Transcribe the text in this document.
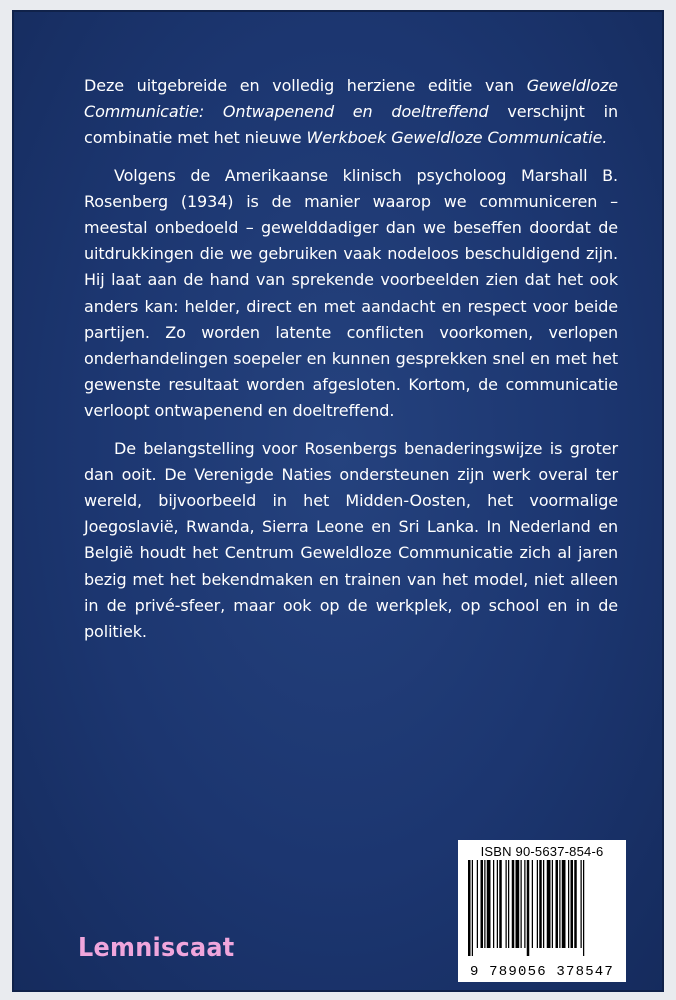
Deze uitgebreide en volledig herziene editie van Geweldloze Communicatie: Ontwapenend en doeltreffend verschijnt in combinatie met het nieuwe Werkboek Geweldloze Communicatie.

Volgens de Amerikaanse klinisch psycholoog Marshall B. Rosenberg (1934) is de manier waarop we communiceren – meestal onbedoeld – gewelddadiger dan we beseffen doordat de uitdrukkingen die we gebruiken vaak nodeloos beschuldigend zijn. Hij laat aan de hand van sprekende voorbeelden zien dat het ook anders kan: helder, direct en met aandacht en respect voor beide partijen. Zo worden latente conflicten voorkomen, verlopen onderhandelingen soepeler en kunnen gesprekken snel en met het gewenste resultaat worden afgesloten. Kortom, de communicatie verloopt ontwapenend en doeltreffend.

De belangstelling voor Rosenbergs benaderingswijze is groter dan ooit. De Verenigde Naties ondersteunen zijn werk overal ter wereld, bijvoorbeeld in het Midden-Oosten, het voormalige Joegoslavië, Rwanda, Sierra Leone en Sri Lanka. In Nederland en België houdt het Centrum Geweldloze Communicatie zich al jaren bezig met het bekendmaken en trainen van het model, niet alleen in de privé-sfeer, maar ook op de werkplek, op school en in de politiek.

ISBN 90-5637-854-6
9 789056 378547
Lemniscaat
